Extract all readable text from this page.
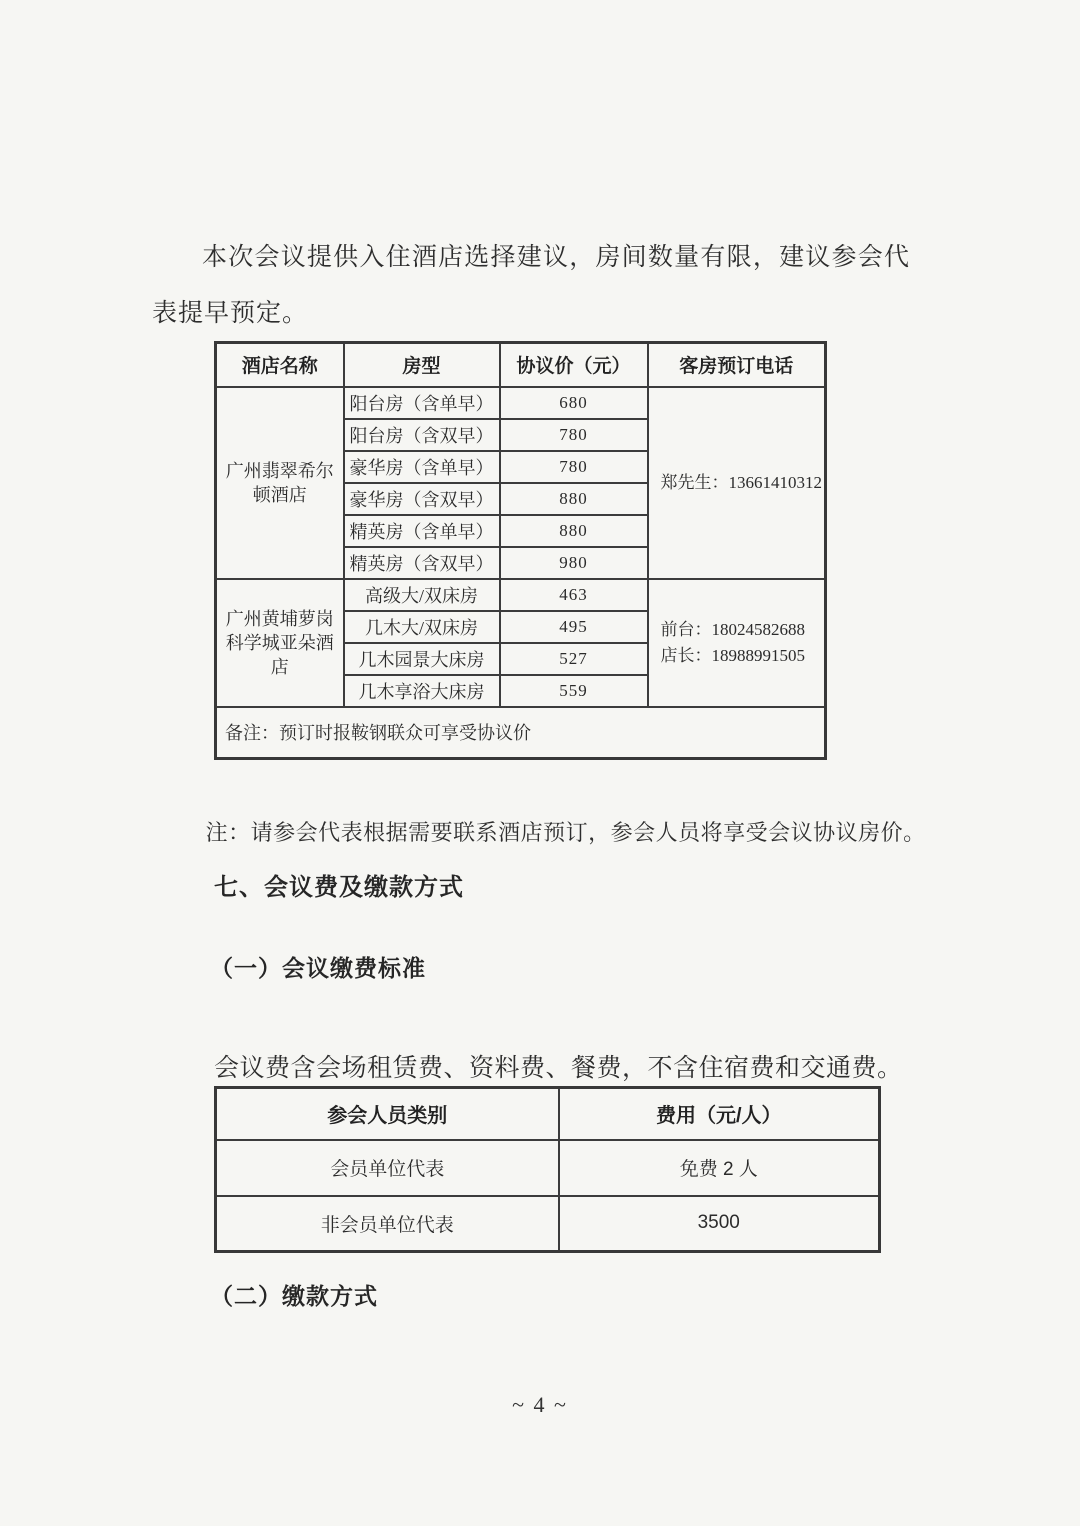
本次会议提供入住酒店选择建议，房间数量有限，建议参会代表提早预定。

酒店名称	房型	协议价（元）	客房预订电话
广州翡翠希尔顿酒店	阳台房（含单早）	680	郑先生：13661410312

	阳台房（含双早）	780	
	豪华房（含单早）	780	
	豪华房（含双早）	880	
	精英房（含单早）	880	
	精英房（含双早）	980	
广州黄埔萝岗科学城亚朵酒店	高级大/双床房	463	前台：18024582688
店长：18988991505

	几木大/双床房	495	
	几木园景大床房	527	
	几木享浴大床房	559	
备注：预订时报鞍钢联众可享受协议价			

注：请参会代表根据需要联系酒店预订，参会人员将享受会议协议房价。

七、会议费及缴款方式
（一）会议缴费标准

会议费含会场租赁费、资料费、餐费，不含住宿费和交通费。

参会人员类别	费用（元/人）
会员单位代表	免费 2 人
非会员单位代表	3500
（二）缴款方式
~ 4 ~
